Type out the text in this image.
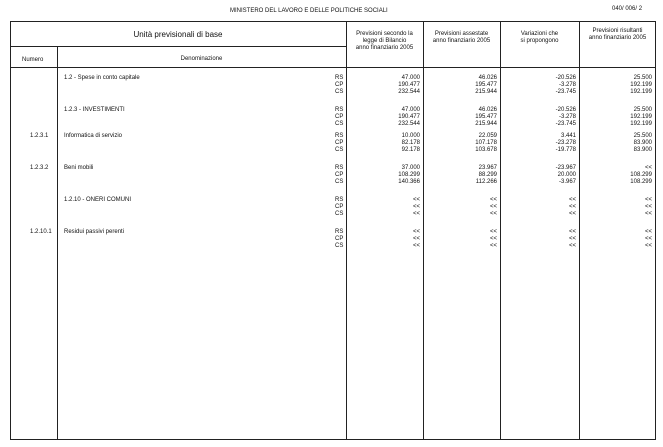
MINISTERO DEL LAVORO E DELLE POLITICHE SOCIALI	040/ 006/ 2
Unità previsionali di base
Numero	Denominazione
Previsioni secondo la
legge di Bilancio
anno finanziario 2005
Previsioni assestate
anno finanziario 2005
Variazioni che
si propongono
Previsioni risultanti
anno finanziario 2005
1.2 - Spese in conto capitale	RS	47.000	46.026	-20.526	25.500
CP	190.477	195.477	-3.278	192.199
CS	232.544	215.944	-23.745	192.199
1.2.3 - INVESTIMENTI	RS	47.000	46.026	-20.526	25.500
CP	190.477	195.477	-3.278	192.199
CS	232.544	215.944	-23.745	192.199
1.2.3.1	Informatica di servizio	RS	10.000	22.059	3.441	25.500
CP	82.178	107.178	-23.278	83.900
CS	92.178	103.678	-19.778	83.900
1.2.3.2	Beni mobili	RS	37.000	23.967	-23.967	<<
CP	108.299	88.299	20.000	108.299
CS	140.366	112.266	-3.967	108.299
1.2.10 - ONERI COMUNI	RS	<<	<<	<<	<<
CP	<<	<<	<<	<<
CS	<<	<<	<<	<<
1.2.10.1 Residui passivi perenti	RS	<<	<<	<<	<<
CP	<<	<<	<<	<<
CS	<<	<<	<<	<<
